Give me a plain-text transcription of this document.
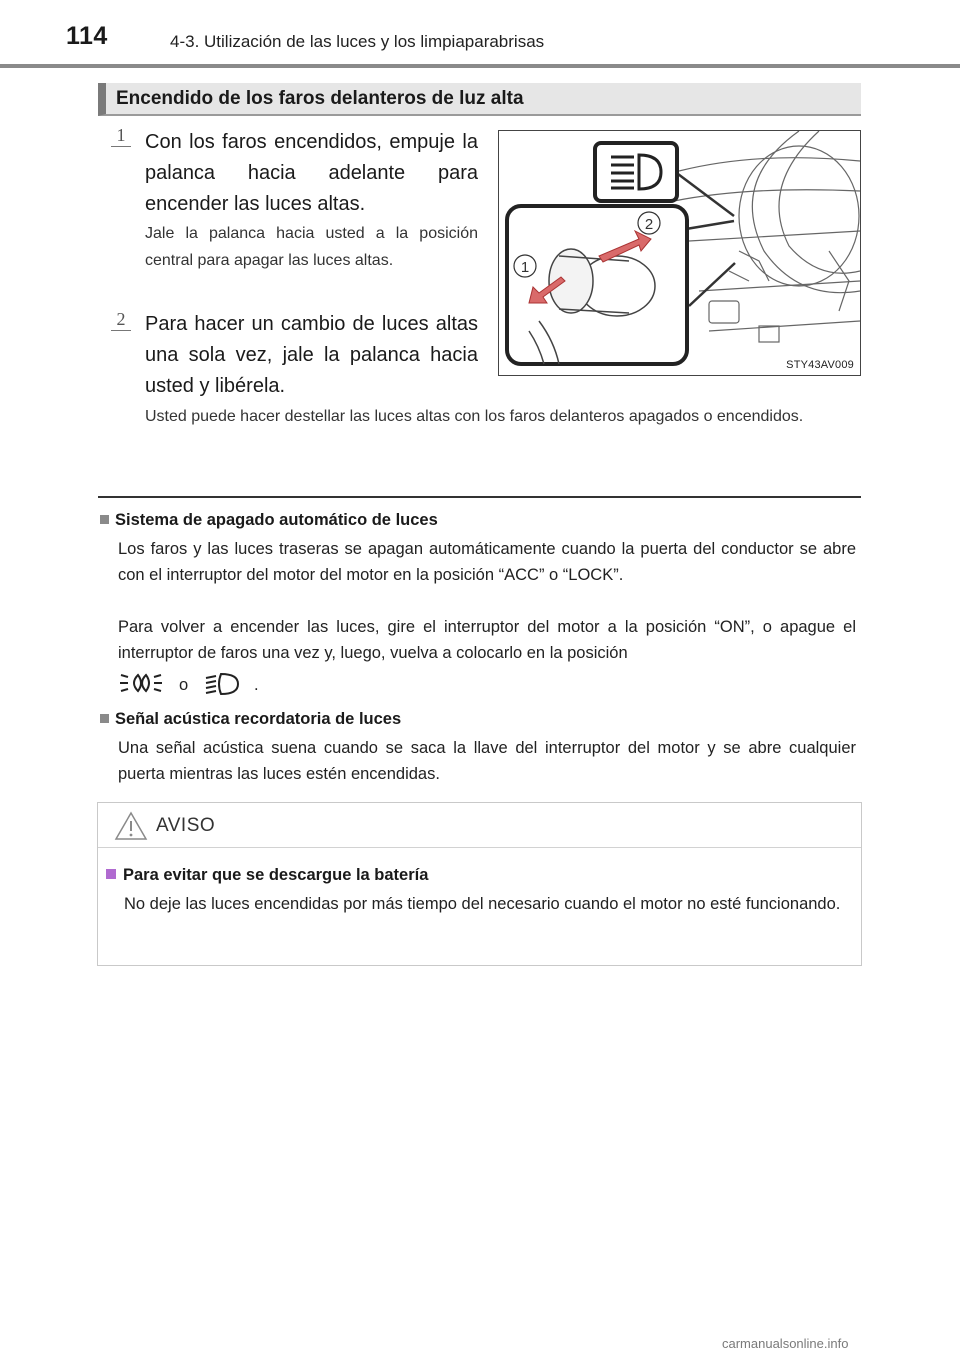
114	4-3. Utilización de las luces y los limpiaparabrisas
Encendido de los faros delanteros de luz alta
1 Con los faros encendidos, empuje la palanca hacia adelante para encender las luces altas.
Jale la palanca hacia usted a la posición central para apagar las luces altas.
2 Para hacer un cambio de luces altas una sola vez, jale la palanca hacia usted y libérela.
2
1
STY43AV009
Usted puede hacer destellar las luces altas con los faros delanteros apagados o encendidos.
Sistema de apagado automático de luces
Los faros y las luces traseras se apagan automáticamente cuando la puerta del conductor se abre con el interruptor del motor del motor en la posición “ACC” o “LOCK”.
Para volver a encender las luces, gire el interruptor del motor a la posición “ON”, o apague el interruptor de faros una vez y, luego, vuelva a colocarlo en la posición
o	.
Señal acústica recordatoria de luces
Una señal acústica suena cuando se saca la llave del interruptor del motor y se abre cualquier puerta mientras las luces estén encendidas.
AVISO
Para evitar que se descargue la batería
No deje las luces encendidas por más tiempo del necesario cuando el motor no esté funcionando.
carmanualsonline.info
